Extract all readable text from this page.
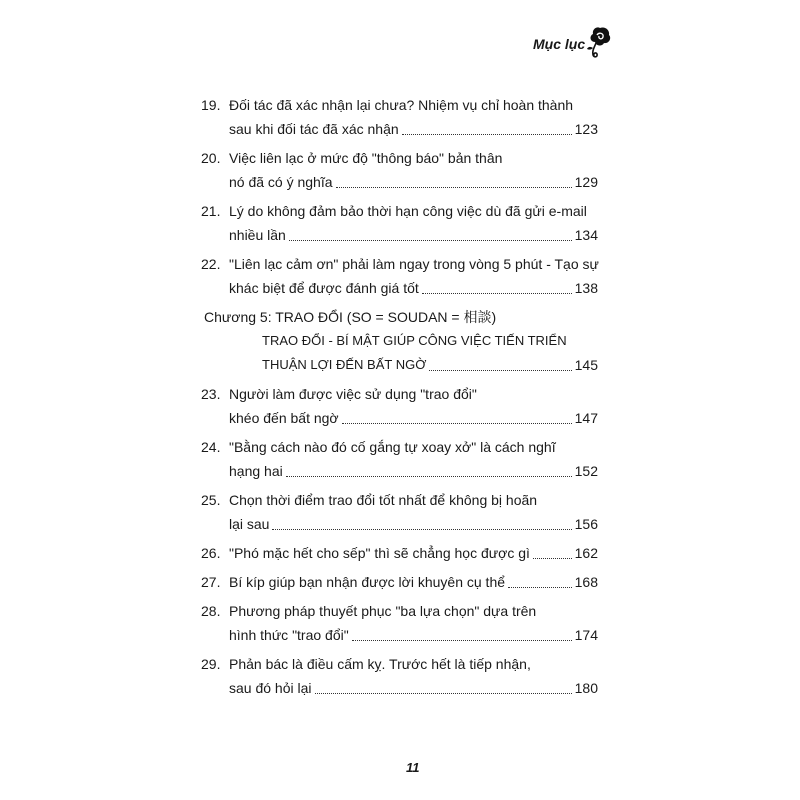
Mục lục
19. Đối tác đã xác nhận lại chưa? Nhiệm vụ chỉ hoàn thành
sau khi đối tác đã xác nhận	123
20. Việc liên lạc ở mức độ "thông báo" bản thân
nó đã có ý nghĩa	129
21. Lý do không đảm bảo thời hạn công việc dù đã gửi e-mail
nhiều lần	134
22. "Liên lạc cảm ơn" phải làm ngay trong vòng 5 phút - Tạo sự
khác biệt để được đánh giá tốt	138
Chương 5: TRAO ĐỔI (SO = SOUDAN = 相談)
TRAO ĐỔI - BÍ MẬT GIÚP CÔNG VIỆC TIẾN TRIỂN
THUẬN LỢI ĐẾN BẤT NGỜ	145
23. Người làm được việc sử dụng "trao đổi"
khéo đến bất ngờ	147
24. "Bằng cách nào đó cố gắng tự xoay xở" là cách nghĩ
hạng hai	152
25. Chọn thời điểm trao đổi tốt nhất để không bị hoãn
lại sau	156
26. "Phó mặc hết cho sếp" thì sẽ chẳng học được gì	162
27. Bí kíp giúp bạn nhận được lời khuyên cụ thể	168
28. Phương pháp thuyết phục "ba lựa chọn" dựa trên
hình thức "trao đổi"	174
29. Phản bác là điều cấm kỵ. Trước hết là tiếp nhận,
sau đó hỏi lại	180
11
